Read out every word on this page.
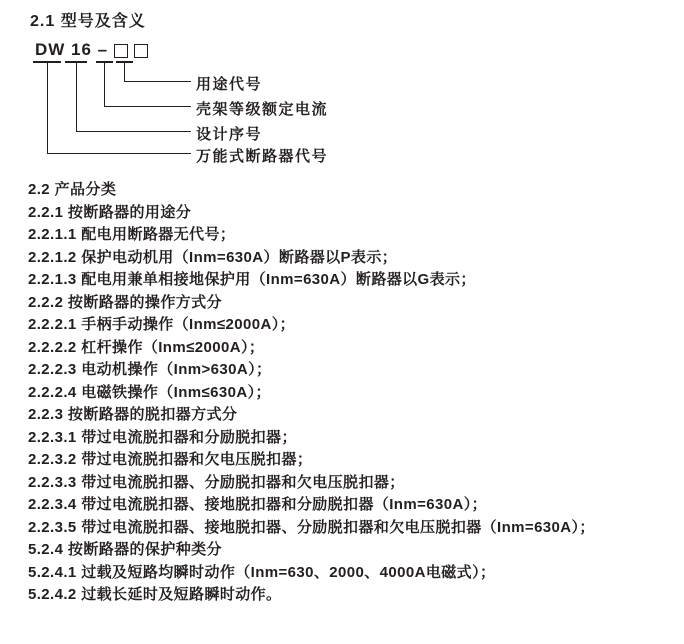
2.1 型号及含义
DW 16 –
用途代号
壳架等级额定电流
设计序号
万能式断路器代号

2.2 产品分类

2.2.1 按断路器的用途分

2.2.1.1 配电用断路器无代号；

2.2.1.2 保护电动机用（Inm=630A）断路器以P表示；

2.2.1.3 配电用兼单相接地保护用（Inm=630A）断路器以G表示；

2.2.2 按断路器的操作方式分

2.2.2.1 手柄手动操作（Inm≤2000A）；

2.2.2.2 杠杆操作（Inm≤2000A）；

2.2.2.3 电动机操作（Inm>630A）；

2.2.2.4 电磁铁操作（Inm≤630A）；

2.2.3 按断路器的脱扣器方式分

2.2.3.1 带过电流脱扣器和分励脱扣器；

2.2.3.2 带过电流脱扣器和欠电压脱扣器；

2.2.3.3 带过电流脱扣器、分励脱扣器和欠电压脱扣器；

2.2.3.4 带过电流脱扣器、接地脱扣器和分励脱扣器（Inm=630A）；

2.2.3.5 带过电流脱扣器、接地脱扣器、分励脱扣器和欠电压脱扣器（Inm=630A）；

5.2.4 按断路器的保护种类分

5.2.4.1 过载及短路均瞬时动作（Inm=630、2000、4000A电磁式）；

5.2.4.2 过载长延时及短路瞬时动作。
